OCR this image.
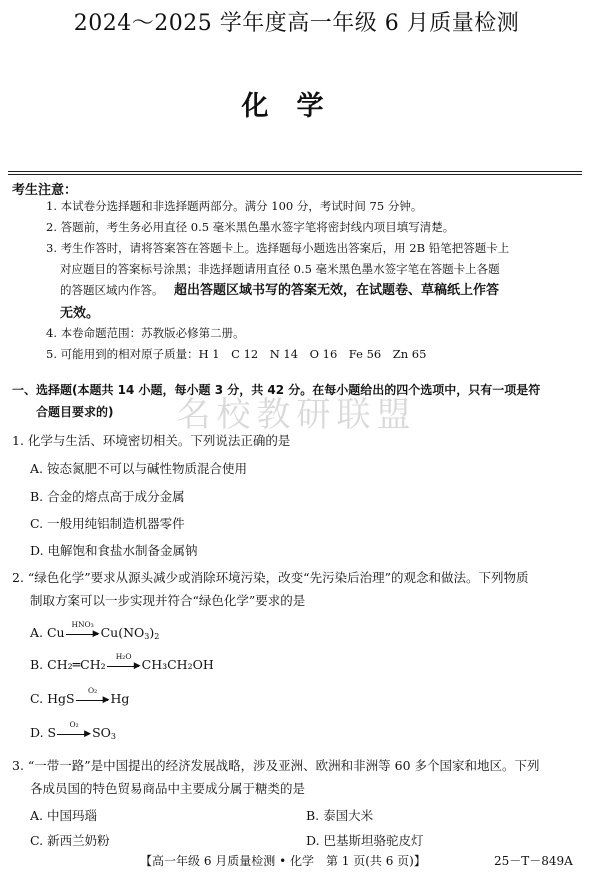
2024～2025 学年度高一年级 6 月质量检测
化学
考生注意：
1. 本试卷分选择题和非选择题两部分。满分 100 分，考试时间 75 分钟。
2. 答题前，考生务必用直径 0.5 毫米黑色墨水签字笔将密封线内项目填写清楚。
3. 考生作答时，请将答案答在答题卡上。选择题每小题选出答案后，用 2B 铅笔把答题卡上
对应题目的答案标号涂黑；非选择题请用直径 0.5 毫米黑色墨水签字笔在答题卡上各题
的答题区域内作答。 超出答题区域书写的答案无效，在试题卷、草稿纸上作答
无效。
4. 本卷命题范围：苏教版必修第二册。
5. 可能用到的相对原子质量：H 1　C 12　N 14　O 16　Fe 56　Zn 65
名校教研联盟
一、选择题(本题共 14 小题，每小题 3 分，共 42 分。在每小题给出的四个选项中，只有一项是符
合题目要求的)
1. 化学与生活、环境密切相关。下列说法正确的是
A. 铵态氮肥不可以与碱性物质混合使用
B. 合金的熔点高于成分金属
C. 一般用纯铝制造机器零件
D. 电解饱和食盐水制备金属钠
2. “绿色化学”要求从源头减少或消除环境污染，改变“先污染后治理”的观念和做法。下列物质
制取方案可以一步实现并符合“绿色化学”要求的是
A. Cu
HNO₃
▶ $Cu(NO_3)_2$
B. CH₂═CH₂
H₂O
▶ CH₃CH₂OH
C. HgS
O₂
▶ Hg
D. S
O₂
▶ $SO_3$
3. “一带一路”是中国提出的经济发展战略，涉及亚洲、欧洲和非洲等 60 多个国家和地区。下列
各成员国的特色贸易商品中主要成分属于糖类的是
A. 中国玛瑙	B. 泰国大米
C. 新西兰奶粉	D. 巴基斯坦骆驼皮灯
【高一年级 6 月质量检测 • 化学　第 1 页(共 6 页)】	25－T－849A
